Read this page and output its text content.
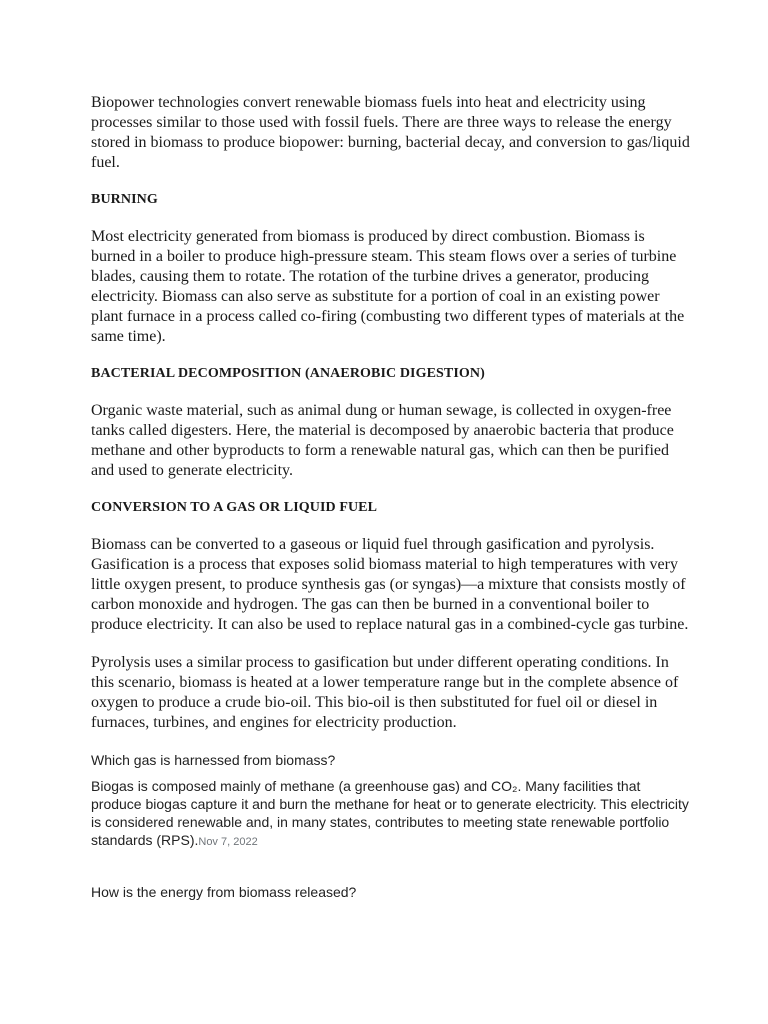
Biopower technologies convert renewable biomass fuels into heat and electricity using processes similar to those used with fossil fuels. There are three ways to release the energy stored in biomass to produce biopower: burning, bacterial decay, and conversion to gas/liquid fuel.

BURNING

Most electricity generated from biomass is produced by direct combustion. Biomass is burned in a boiler to produce high-pressure steam. This steam flows over a series of turbine blades, causing them to rotate. The rotation of the turbine drives a generator, producing electricity. Biomass can also serve as substitute for a portion of coal in an existing power plant furnace in a process called co-firing (combusting two different types of materials at the same time).

BACTERIAL DECOMPOSITION (ANAEROBIC DIGESTION)

Organic waste material, such as animal dung or human sewage, is collected in oxygen-free tanks called digesters. Here, the material is decomposed by anaerobic bacteria that produce methane and other byproducts to form a renewable natural gas, which can then be purified and used to generate electricity.

CONVERSION TO A GAS OR LIQUID FUEL

Biomass can be converted to a gaseous or liquid fuel through gasification and pyrolysis. Gasification is a process that exposes solid biomass material to high temperatures with very little oxygen present, to produce synthesis gas (or syngas)—a mixture that consists mostly of carbon monoxide and hydrogen. The gas can then be burned in a conventional boiler to produce electricity. It can also be used to replace natural gas in a combined-cycle gas turbine.

Pyrolysis uses a similar process to gasification but under different operating conditions. In this scenario, biomass is heated at a lower temperature range but in the complete absence of oxygen to produce a crude bio-oil. This bio-oil is then substituted for fuel oil or diesel in furnaces, turbines, and engines for electricity production.

Which gas is harnessed from biomass?
Biogas is composed mainly of methane (a greenhouse gas) and CO₂. Many facilities that produce biogas capture it and burn the methane for heat or to generate electricity. This electricity is considered renewable and, in many states, contributes to meeting state renewable portfolio standards (RPS).Nov 7, 2022
How is the energy from biomass released?
